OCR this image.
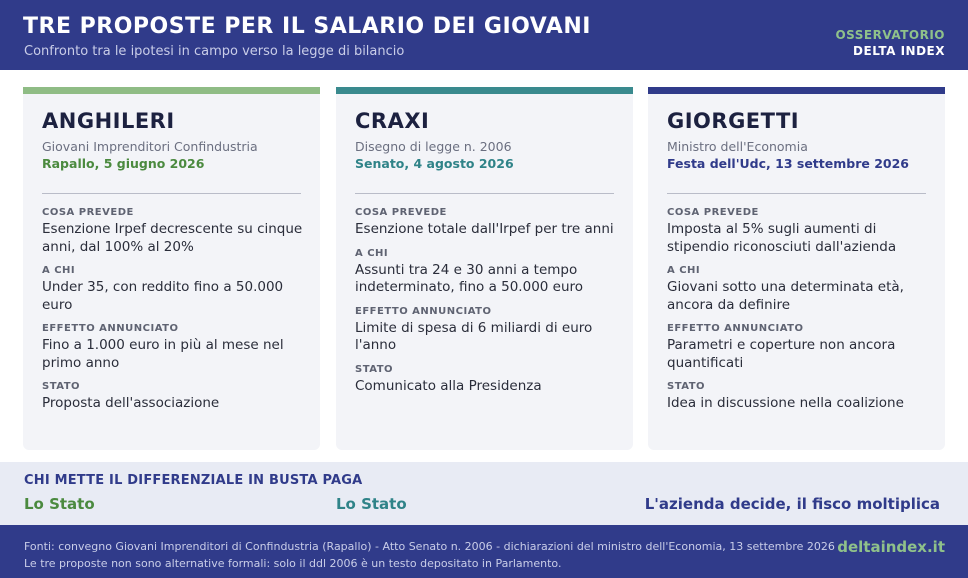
TRE PROPOSTE PER IL SALARIO DEI GIOVANI
Confronto tra le ipotesi in campo verso la legge di bilancio
OSSERVATORIO
DELTA INDEX
ANGHILERI
Giovani Imprenditori Confindustria
Rapallo, 5 giugno 2026
COSA PREVEDE
Esenzione Irpef decrescente su cinque anni, dal 100% al 20%
A CHI
Under 35, con reddito fino a 50.000 euro
EFFETTO ANNUNCIATO
Fino a 1.000 euro in più al mese nel primo anno
STATO
Proposta dell'associazione
CRAXI
Disegno di legge n. 2006
Senato, 4 agosto 2026
COSA PREVEDE
Esenzione totale dall'Irpef per tre anni
A CHI
Assunti tra 24 e 30 anni a tempo indeterminato, fino a 50.000 euro
EFFETTO ANNUNCIATO
Limite di spesa di 6 miliardi di euro l'anno
STATO
Comunicato alla Presidenza
GIORGETTI
Ministro dell'Economia
Festa dell'Udc, 13 settembre 2026
COSA PREVEDE
Imposta al 5% sugli aumenti di stipendio riconosciuti dall'azienda
A CHI
Giovani sotto una determinata età, ancora da definire
EFFETTO ANNUNCIATO
Parametri e coperture non ancora quantificati
STATO
Idea in discussione nella coalizione
CHI METTE IL DIFFERENZIALE IN BUSTA PAGA
Lo Stato	Lo Stato	L'azienda decide, il fisco moltiplica
Fonti: convegno Giovani Imprenditori di Confindustria (Rapallo) - Atto Senato n. 2006 - dichiarazioni del ministro dell'Economia, 13 settembre 2026
Le tre proposte non sono alternative formali: solo il ddl 2006 è un testo depositato in Parlamento.
deltaindex.it
